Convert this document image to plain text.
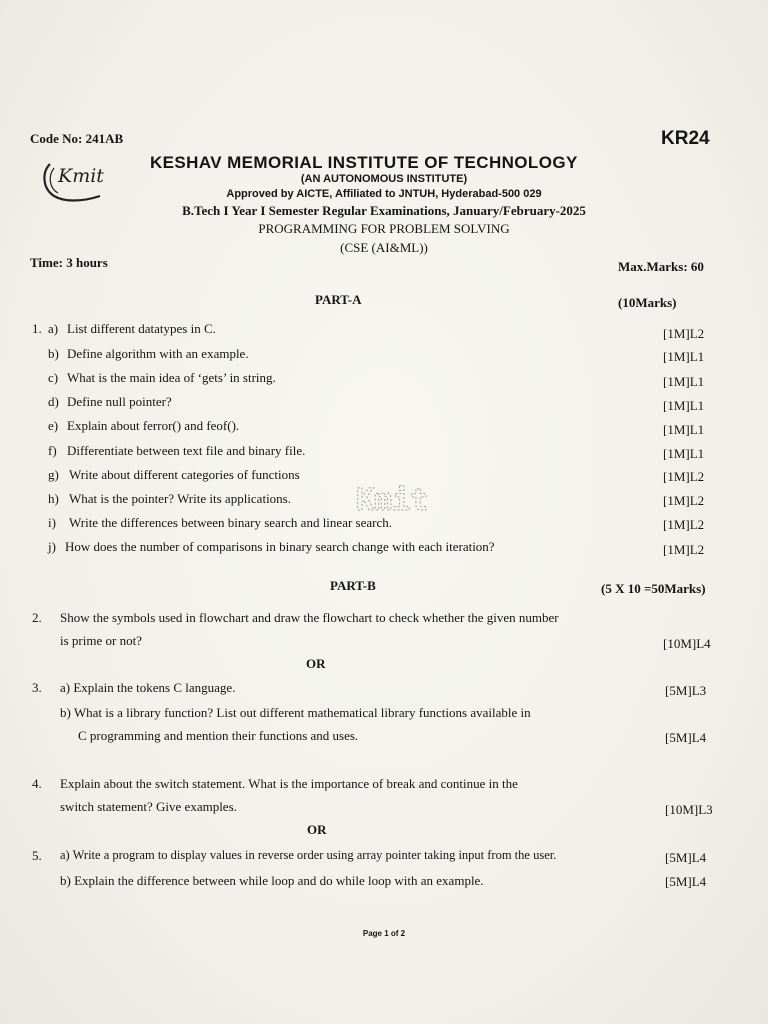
Code No: 241AB	KR24
Kmit
KESHAV MEMORIAL INSTITUTE OF TECHNOLOGY
(AN AUTONOMOUS INSTITUTE)
Approved by AICTE, Affiliated to JNTUH, Hyderabad-500 029
B.Tech I Year I Semester Regular Examinations, January/February-2025
PROGRAMMING FOR PROBLEM SOLVING
(CSE (AI&ML))
Time: 3 hours	Max.Marks: 60
PART-A	(10Marks)
1. a) List different datatypes in C.	[1M]L2
b) Define algorithm with an example.	[1M]L1
c) What is the main idea of ‘gets’ in string.	[1M]L1
d) Define null pointer?	[1M]L1
e) Explain about ferror() and feof().	[1M]L1
f) Differentiate between text file and binary file.	[1M]L1
g) Write about different categories of functions	[1M]L2
h) What is the pointer? Write its applications.	[1M]L2
i) Write the differences between binary search and linear search.	[1M]L2
j) How does the number of comparisons in binary search change with each iteration?	[1M]L2
Kmit
PART-B	(5 X 10 =50Marks)
2. Show the symbols used in flowchart and draw the flowchart to check whether the given number
is prime or not?	[10M]L4
OR
3. a) Explain the tokens C language.	[5M]L3
b) What is a library function? List out different mathematical library functions available in
C programming and mention their functions and uses.	[5M]L4
4. Explain about the switch statement. What is the importance of break and continue in the
switch statement? Give examples.	[10M]L3
OR
5. a) Write a program to display values in reverse order using array pointer taking input from the user.	[5M]L4
b) Explain the difference between while loop and do while loop with an example.	[5M]L4
Page 1 of 2
